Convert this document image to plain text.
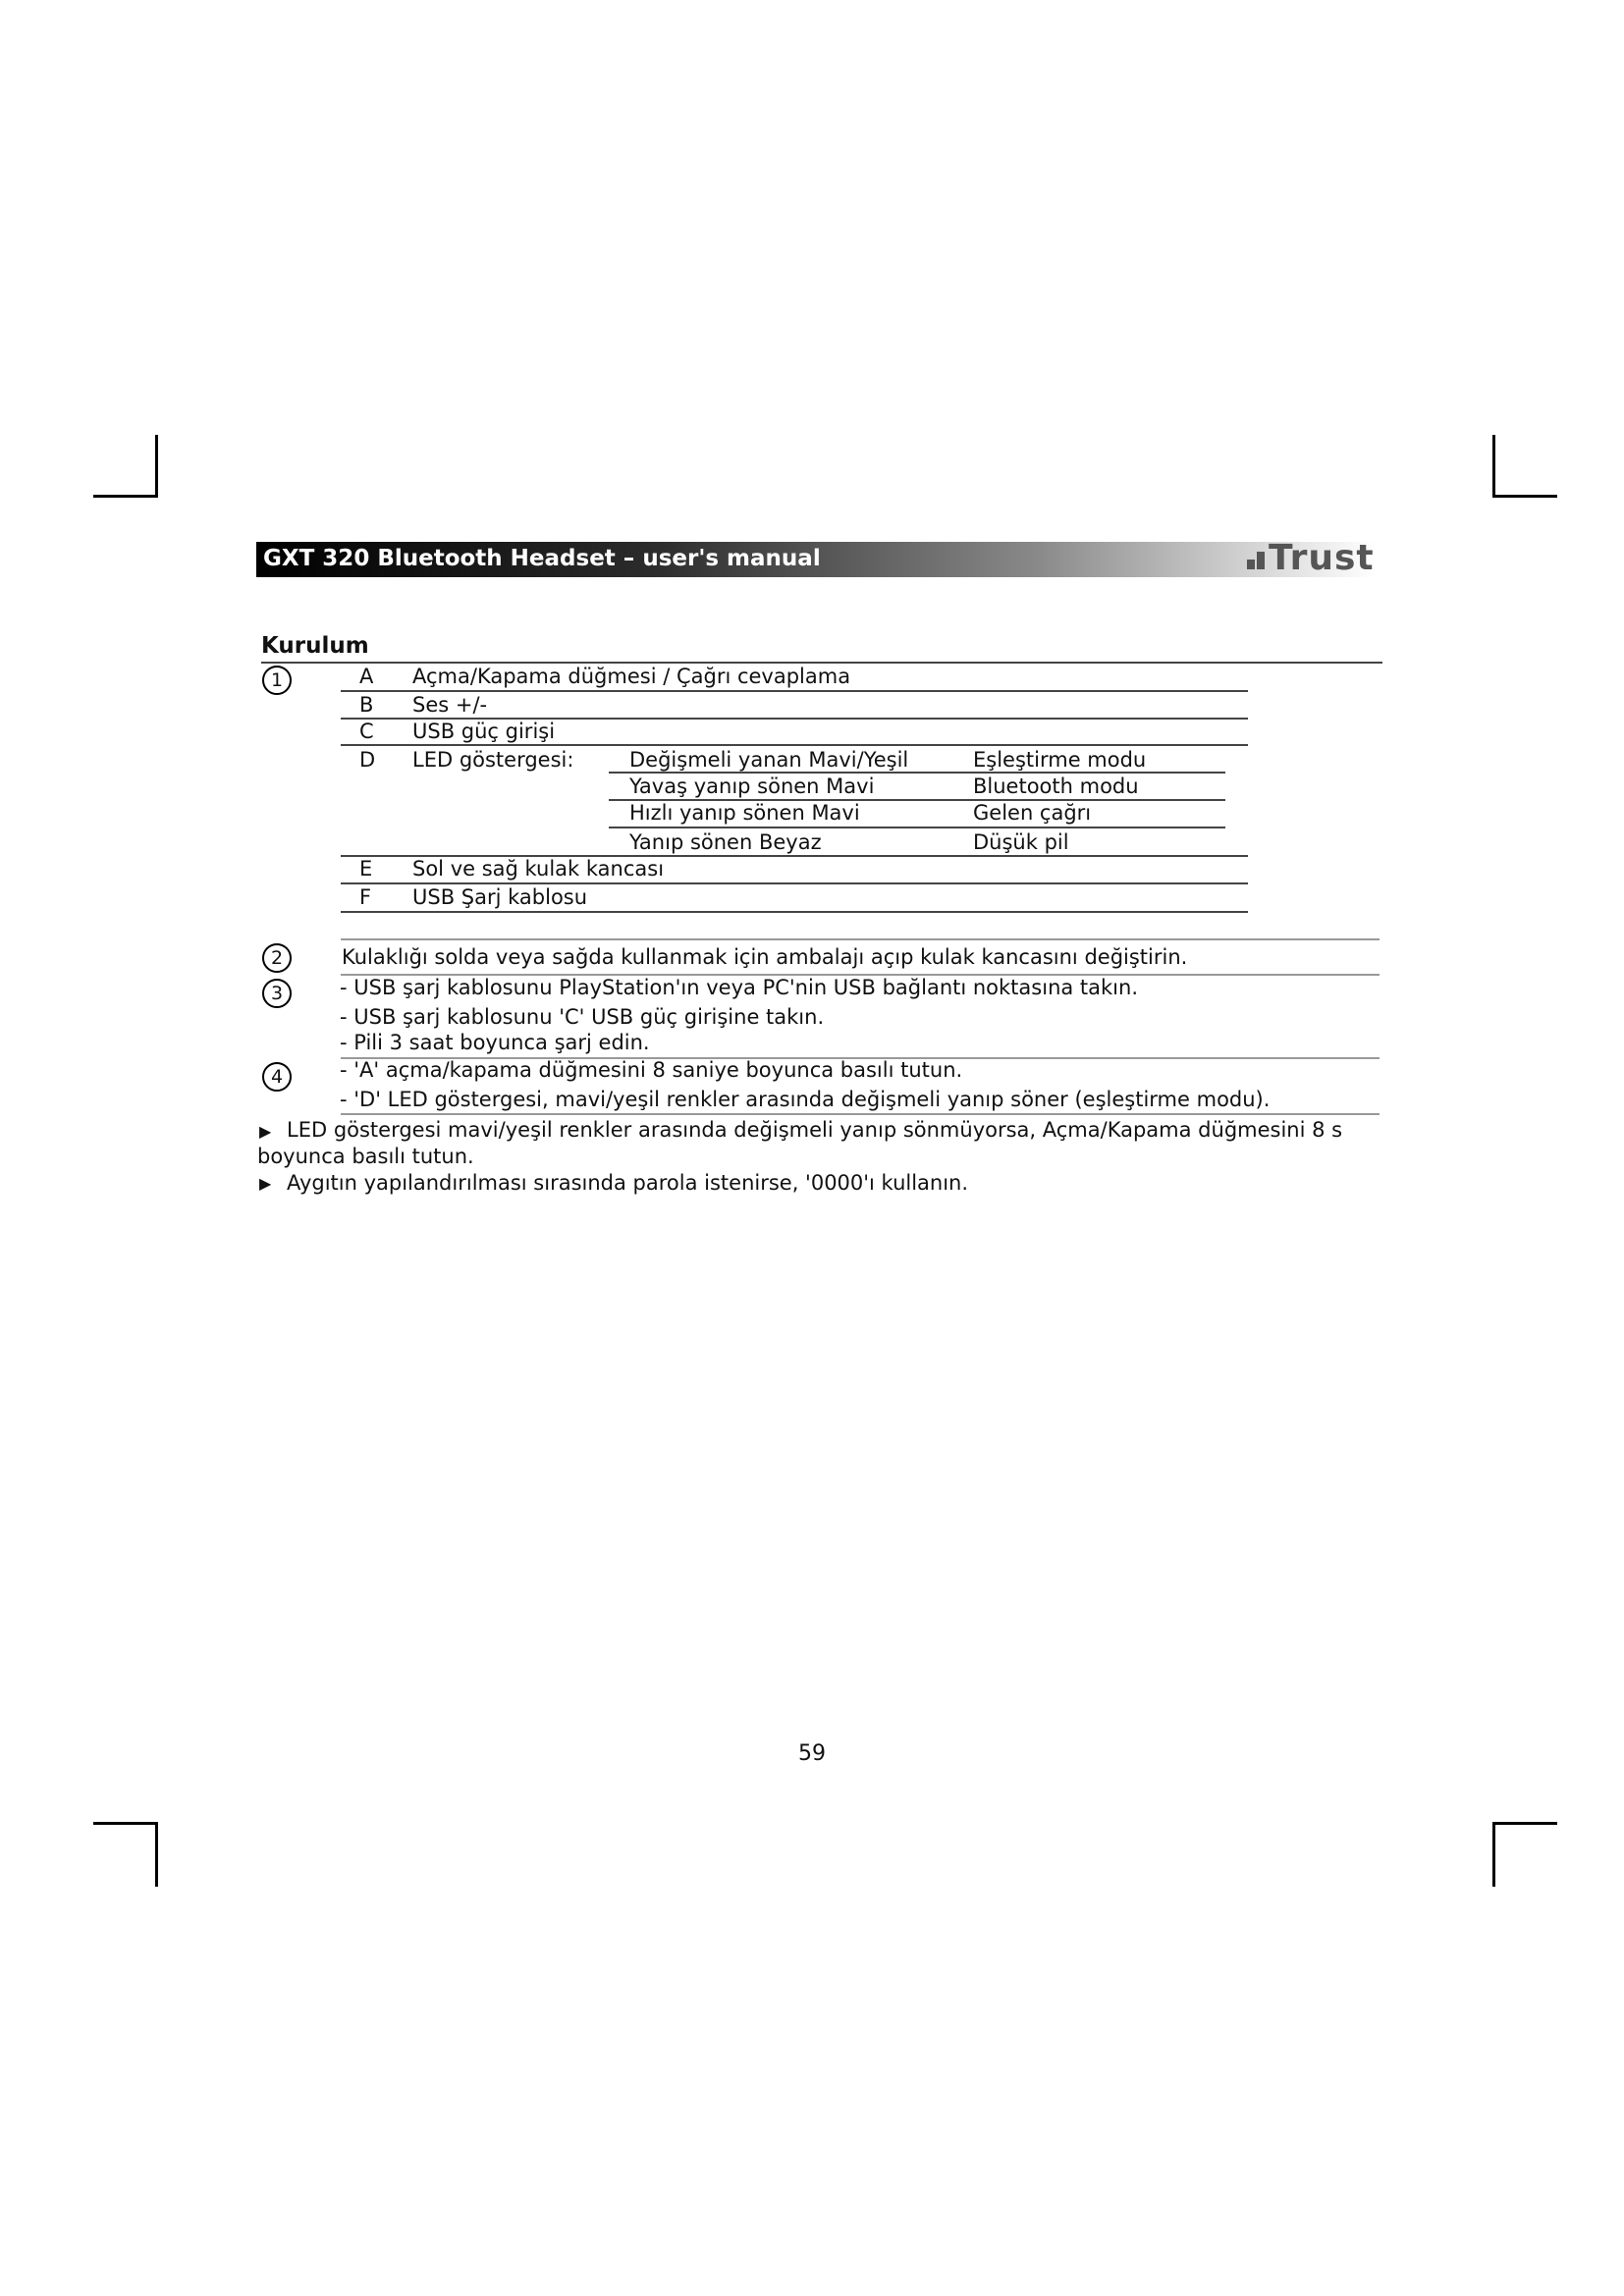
GXT 320 Bluetooth Headset – user's manual	Trust
Kurulum
1	A Açma/Kapama düğmesi / Çağrı cevaplama
B Ses +/-
C USB güç girişi
D LED göstergesi:	Değişmeli yanan Mavi/Yeşil	Eşleştirme modu
Yavaş yanıp sönen Mavi	Bluetooth modu
Hızlı yanıp sönen Mavi	Gelen çağrı
Yanıp sönen Beyaz	Düşük pil
E Sol ve sağ kulak kancası
F USB Şarj kablosu
2	Kulaklığı solda veya sağda kullanmak için ambalajı açıp kulak kancasını değiştirin.
3	- USB şarj kablosunu PlayStation'ın veya PC'nin USB bağlantı noktasına takın.
- USB şarj kablosunu 'C' USB güç girişine takın.
- Pili 3 saat boyunca şarj edin.
4	- 'A' açma/kapama düğmesini 8 saniye boyunca basılı tutun.
- 'D' LED göstergesi, mavi/yeşil renkler arasında değişmeli yanıp söner (eşleştirme modu).
▶ LED göstergesi mavi/yeşil renkler arasında değişmeli yanıp sönmüyorsa, Açma/Kapama düğmesini 8 s
boyunca basılı tutun.
▶ Aygıtın yapılandırılması sırasında parola istenirse, '0000'ı kullanın.
59
